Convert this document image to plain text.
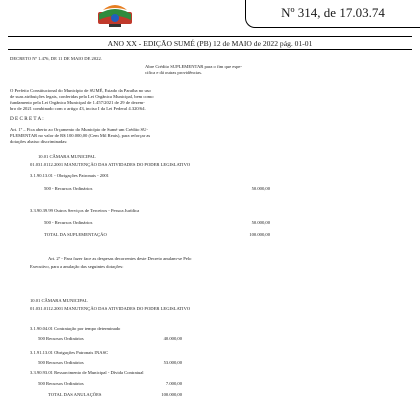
Nº 314, de 17.03.74
ANO XX - EDIÇÃO SUMÉ (PB) 12 de MAIO de 2022 pág. 01-01
DECRETO Nº 1.476, DE 11 DE MAIO DE 2022.
Abre Crédito SUPLEMENTAR para o fim que espe-
cifica e dá outras providências.
O Prefeito Constitucional do Município de SUMÉ, Estado da Paraíba no uso
de suas atribuições legais, conferidas pela Lei Orgânica Municipal, bem como
fundamento pela Lei Orgânica Municipal de 1.457/2021 de 29 de dezem-
bro de 2021 combinado com o artigo 43, inciso I da Lei Federal 4.320/64.
D E C R E T A :
Art. 1º – Fica aberto ao Orçamento do Município de Sumé um Crédito SU-
PLEMENTAR no valor de R$ 100.000,00 (Cem Mil Reais), para reforçar as
dotações abaixo discriminadas:
10.01 CÂMARA MUNICIPAL
01.031.0112.2001 MANUTENÇÃO DAS ATIVIDADES DO PODER LEGISLATIVO
3.1.90.13.01 - Obrigações Patronais - 2001
500 - Recursos Ordinários	50.000,00
3.3.90.39.99 Outros Serviços de Terceiros - Pessoa Jurídica
500 - Recursos Ordinários	50.000,00
TOTAL DA SUPLEMENTAÇÃO	100.000,00
Art. 2º - Para fazer face as despesas decorrentes deste Decreto anulam-se Pelo
Executivo, para a anulação das seguintes dotações:
10.01 CÂMARA MUNICIPAL
01.031.0112.2001 MANUTENÇÃO DAS ATIVIDADES DO PODER LEGISLATIVO
3.1.90.04.01 Contratação por tempo determinado
500 Recursos Ordinários	40.000,00
3.1.91.13.01 Obrigações Patronais INASC
500 Recursos Ordinários	53.000,00
3.3.90.93.01 Ressarcimento de Municipal - Dívida Contratual
500 Recursos Ordinários	7.000,00
TOTAL DAS ANULAÇÕES	100.000,00
